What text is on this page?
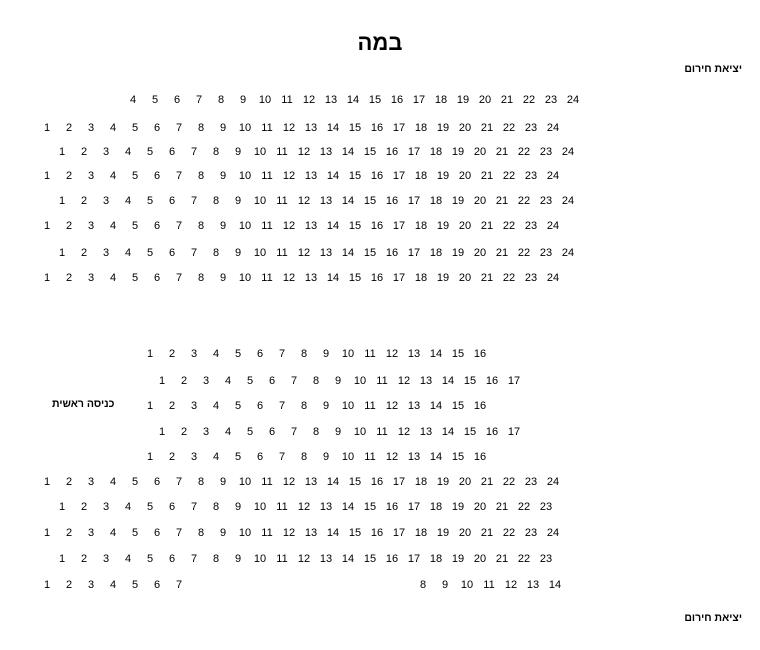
במה
יציאת חירום
כניסה ראשית
יציאת חירום
4	5	6	7	8	9	10 11 12 13 14 15 16 17 18 19 20 21 22 23 24
1	2	3	4	5	6	7	8	9	10 11 12 13 14 15 16 17 18 19 20 21 22 23 24
1	2	3	4	5	6	7	8	9	10 11 12 13 14 15 16 17 18 19 20 21 22 23 24
1	2	3	4	5	6	7	8	9	10 11 12 13 14 15 16 17 18 19 20 21 22 23 24
1	2	3	4	5	6	7	8	9	10 11 12 13 14 15 16 17 18 19 20 21 22 23 24
1	2	3	4	5	6	7	8	9	10 11 12 13 14 15 16 17 18 19 20 21 22 23 24
1	2	3	4	5	6	7	8	9	10 11 12 13 14 15 16 17 18 19 20 21 22 23 24
1	2	3	4	5	6	7	8	9	10 11 12 13 14 15 16 17 18 19 20 21 22 23 24
1	2	3	4	5	6	7	8	9	10 11 12 13 14 15 16
1	2	3	4	5	6	7	8	9	10 11 12 13 14 15 16 17
1	2	3	4	5	6	7	8	9	10 11 12 13 14 15 16
1	2	3	4	5	6	7	8	9	10 11 12 13 14 15 16 17
1	2	3	4	5	6	7	8	9	10 11 12 13 14 15 16
1	2	3	4	5	6	7	8	9	10 11 12 13 14 15 16 17 18 19 20 21 22 23 24
1	2	3	4	5	6	7	8	9	10 11 12 13 14 15 16 17 18 19 20 21 22 23
1	2	3	4	5	6	7	8	9	10 11 12 13 14 15 16 17 18 19 20 21 22 23 24
1	2	3	4	5	6	7	8	9	10 11 12 13 14 15 16 17 18 19 20 21 22 23
1	2	3	4	5	6	7	8	9	10 11 12 13 14
